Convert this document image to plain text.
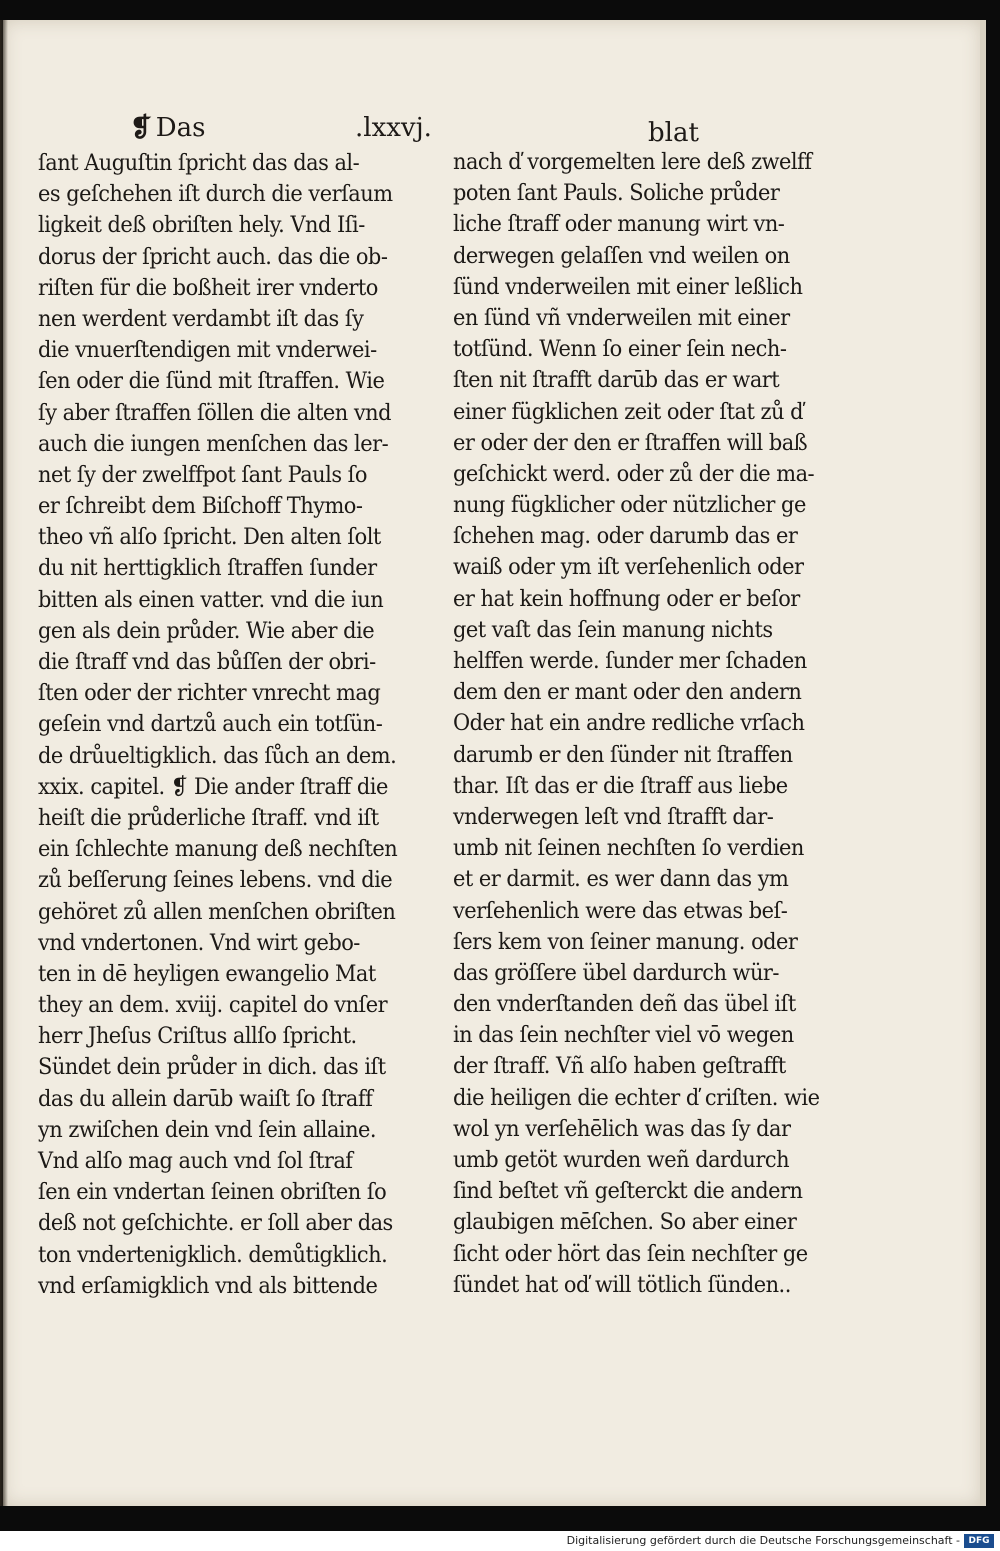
❡ Das	.lxxvj.	blat
ſant Auguſtin ſpricht das das al-
es geſchehen iſt durch die verſaum
ligkeit deß obriſten hely. Vnd Iſi-
dorus der ſpricht auch. das die ob-
riſten für die boßheit irer vnderto
nen werdent verdambt iſt das ſy
die vnuerſtendigen mit vnderwei-
ſen oder die ſünd mit ſtraffen. Wie
ſy aber ſtraffen ſöllen die alten vnd
auch die iungen menſchen das ler-
net ſy der zwelffpot ſant Pauls ſo
er ſchreibt dem Biſchoff Thymo-
theo vñ alſo ſpricht. Den alten ſolt
du nit herttigklich ſtraffen ſunder
bitten als einen vatter. vnd die iun
gen als dein průder. Wie aber die
die ſtraff vnd das bůſſen der obri-
ſten oder der richter vnrecht mag
geſein vnd dartzů auch ein totſün-
de drůueltigklich. das ſůch an dem.
xxix. capitel. ❡ Die ander ſtraff die
heiſt die průderliche ſtraff. vnd iſt
ein ſchlechte manung deß nechſten
zů beſſerung ſeines lebens. vnd die
gehöret zů allen menſchen obriſten
vnd vndertonen. Vnd wirt gebo-
ten in dē heyligen ewangelio Mat
they an dem. xviij. capitel do vnſer
herr Jheſus Criſtus allſo ſpricht.
Sündet dein průder in dich. das iſt
das du allein darūb waiſt ſo ſtraff
yn zwiſchen dein vnd ſein allaine.
Vnd alſo mag auch vnd ſol ſtraf
ſen ein vndertan ſeinen obriſten ſo
deß not geſchichte. er ſoll aber das
ton vndertenigklich. demůtigklich.
vnd erſamigklich vnd als bittende
nach ď vorgemelten lere deß zwelff
poten ſant Pauls. Soliche průder
liche ſtraff oder manung wirt vn-
derwegen gelaſſen vnd weilen on
ſünd vnderweilen mit einer leßlich
en ſünd vñ vnderweilen mit einer
totſünd. Wenn ſo einer ſein nech-
ſten nit ſtrafft darūb das er wart
einer fügklichen zeit oder ſtat zů ď
er oder der den er ſtraffen will baß
geſchickt werd. oder zů der die ma-
nung fügklicher oder nützlicher ge
ſchehen mag. oder darumb das er
waiß oder ym iſt verſehenlich oder
er hat kein hoffnung oder er beſor
get vaſt das ſein manung nichts
helffen werde. ſunder mer ſchaden
dem den er mant oder den andern
Oder hat ein andre redliche vrſach
darumb er den ſünder nit ſtraffen
thar. Iſt das er die ſtraff aus liebe
vnderwegen leſt vnd ſtrafft dar-
umb nit ſeinen nechſten ſo verdien
et er darmit. es wer dann das ym
verſehenlich were das etwas beſ-
ſers kem von ſeiner manung. oder
das gröſſere übel dardurch wür-
den vnderſtanden deñ das übel iſt
in das ſein nechſter viel vō wegen
der ſtraff. Vñ alſo haben geſtrafft
die heiligen die echter ď criſten. wie
wol yn verſehēlich was das ſy dar
umb getöt wurden weñ dardurch
ſind beſtet vñ geſterckt die andern
glaubigen mēſchen. So aber einer
ſicht oder hört das ſein nechſter ge
ſündet hat oď will tötlich ſünden..
Digitalisierung gefördert durch die Deutsche Forschungsgemeinschaft - DFG
